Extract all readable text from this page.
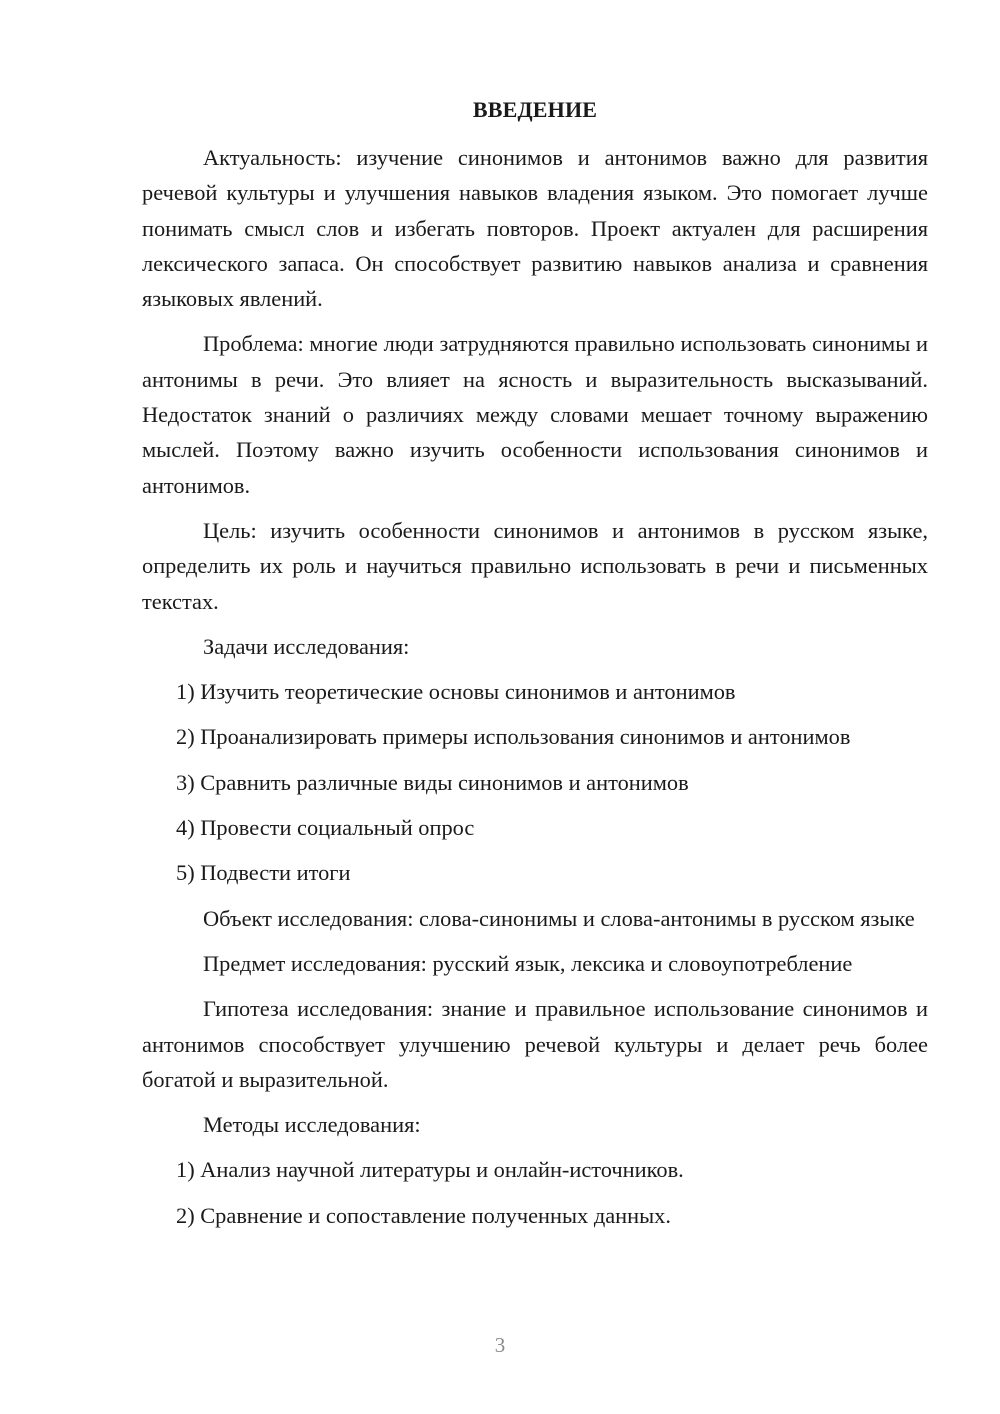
ВВЕДЕНИЕ

Актуальность: изучение синонимов и антонимов важно для развития речевой культуры и улучшения навыков владения языком. Это помогает лучше понимать смысл слов и избегать повторов. Проект актуален для расширения лексического запаса. Он способствует развитию навыков анализа и сравнения языковых явлений.

Проблема: многие люди затрудняются правильно использовать синонимы и антонимы в речи. Это влияет на ясность и выразительность высказываний. Недостаток знаний о различиях между словами мешает точному выражению мыслей. Поэтому важно изучить особенности использования синонимов и антонимов.

Цель: изучить особенности синонимов и антонимов в русском языке, определить их роль и научиться правильно использовать в речи и письменных текстах.

Задачи исследования:

1) Изучить теоретические основы синонимов и антонимов

2) Проанализировать примеры использования синонимов и антонимов

3) Сравнить различные виды синонимов и антонимов

4) Провести социальный опрос

5) Подвести итоги

Объект исследования: слова-синонимы и слова-антонимы в русском языке

Предмет исследования: русский язык, лексика и словоупотребление

Гипотеза исследования: знание и правильное использование синонимов и антонимов способствует улучшению речевой культуры и делает речь более богатой и выразительной.

Методы исследования:

1) Анализ научной литературы и онлайн-источников.

2) Сравнение и сопоставление полученных данных.

3
